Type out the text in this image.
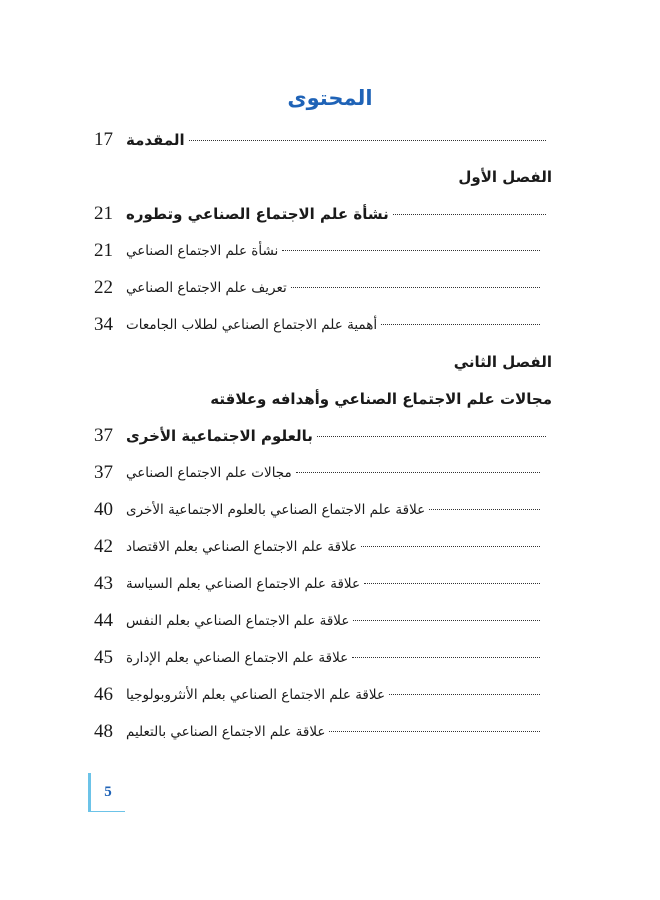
المحتوى
17 المقدمة
الفصل الأول
21 نشأة علم الاجتماع الصناعي وتطوره
21 نشأة علم الاجتماع الصناعي
22 تعريف علم الاجتماع الصناعي
34 أهمية علم الاجتماع الصناعي لطلاب الجامعات
الفصل الثاني
مجالات علم الاجتماع الصناعي وأهدافه وعلاقته
37 بالعلوم الاجتماعية الأخرى
37 مجالات علم الاجتماع الصناعي
40 علاقة علم الاجتماع الصناعي بالعلوم الاجتماعية الأخرى
42 علاقة علم الاجتماع الصناعي بعلم الاقتصاد
43 علاقة علم الاجتماع الصناعي بعلم السياسة
44 علاقة علم الاجتماع الصناعي بعلم النفس
45 علاقة علم الاجتماع الصناعي بعلم الإدارة
46 علاقة علم الاجتماع الصناعي بعلم الأنثروبولوجيا
48 علاقة علم الاجتماع الصناعي بالتعليم
5
